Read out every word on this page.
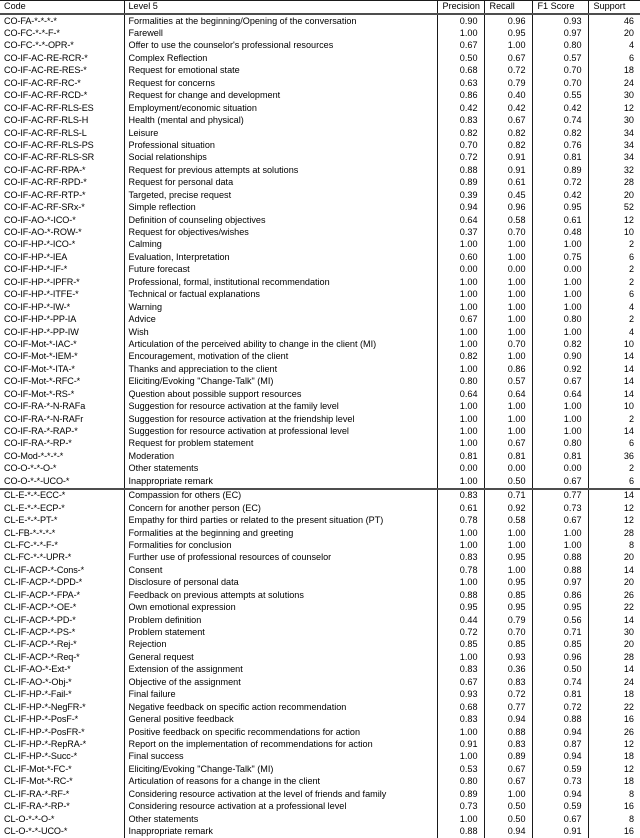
Code	Level 5	Precision	Recall	F1 Score	Support
CO-FA-*-*-*-*	Formalities at the beginning/Opening of the conversation	0.90	0.96	0.93	46
CO-FC-*-*-F-*	Farewell	1.00	0.95	0.97	20
CO-FC-*-*-OPR-*	Offer to use the counselor's professional resources	0.67	1.00	0.80	4
CO-IF-AC-RE-RCR-*	Complex Reflection	0.50	0.67	0.57	6
CO-IF-AC-RE-RES-*	Request for emotional state	0.68	0.72	0.70	18
CO-IF-AC-RF-RC-*	Request for concerns	0.63	0.79	0.70	24
CO-IF-AC-RF-RCD-*	Request for change and development	0.86	0.40	0.55	30
CO-IF-AC-RF-RLS-ES	Employment/economic situation	0.42	0.42	0.42	12
CO-IF-AC-RF-RLS-H	Health (mental and physical)	0.83	0.67	0.74	30
CO-IF-AC-RF-RLS-L	Leisure	0.82	0.82	0.82	34
CO-IF-AC-RF-RLS-PS	Professional situation	0.70	0.82	0.76	34
CO-IF-AC-RF-RLS-SR	Social relationships	0.72	0.91	0.81	34
CO-IF-AC-RF-RPA-*	Request for previous attempts at solutions	0.88	0.91	0.89	32
CO-IF-AC-RF-RPD-*	Request for personal data	0.89	0.61	0.72	28
CO-IF-AC-RF-RTP-*	Targeted, precise request	0.39	0.45	0.42	20
CO-IF-AC-RF-SRx-*	Simple reflection	0.94	0.96	0.95	52
CO-IF-AO-*-ICO-*	Definition of counseling objectives	0.64	0.58	0.61	12
CO-IF-AO-*-ROW-*	Request for objectives/wishes	0.37	0.70	0.48	10
CO-IF-HP-*-ICO-*	Calming	1.00	1.00	1.00	2
CO-IF-HP-*-IEA	Evaluation, Interpretation	0.60	1.00	0.75	6
CO-IF-HP-*-IF-*	Future forecast	0.00	0.00	0.00	2
CO-IF-HP-*-IPFR-*	Professional, formal, institutional recommendation	1.00	1.00	1.00	2
CO-IF-HP-*-ITFE-*	Technical or factual explanations	1.00	1.00	1.00	6
CO-IF-HP-*-IW-*	Warning	1.00	1.00	1.00	4
CO-IF-HP-*-PP-IA	Advice	0.67	1.00	0.80	2
CO-IF-HP-*-PP-IW	Wish	1.00	1.00	1.00	4
CO-IF-Mot-*-IAC-*	Articulation of the perceived ability to change in the client (MI)	1.00	0.70	0.82	10
CO-IF-Mot-*-IEM-*	Encouragement, motivation of the client	0.82	1.00	0.90	14
CO-IF-Mot-*-ITA-*	Thanks and appreciation to the client	1.00	0.86	0.92	14
CO-IF-Mot-*-RFC-*	Eliciting/Evoking "Change-Talk" (MI)	0.80	0.57	0.67	14
CO-IF-Mot-*-RS-*	Question about possible support resources	0.64	0.64	0.64	14
CO-IF-RA-*-N-RAFa	Suggestion for resource activation at the family level	1.00	1.00	1.00	10
CO-IF-RA-*-N-RAFr	Suggestion for resource activation at the friendship level	1.00	1.00	1.00	2
CO-IF-RA-*-RAP-*	Suggestion for resource activation at professional level	1.00	1.00	1.00	14
CO-IF-RA-*-RP-*	Request for problem statement	1.00	0.67	0.80	6
CO-Mod-*-*-*-*	Moderation	0.81	0.81	0.81	36
CO-O-*-*-O-*	Other statements	0.00	0.00	0.00	2
CO-O-*-*-UCO-*	Inappropriate remark	1.00	0.50	0.67	6
CL-E-*-*-ECC-*	Compassion for others (EC)	0.83	0.71	0.77	14
CL-E-*-*-ECP-*	Concern for another person (EC)	0.61	0.92	0.73	12
CL-E-*-*-PT-*	Empathy for third parties or related to the present situation (PT)	0.78	0.58	0.67	12
CL-FB-*-*-*-*	Formalities at the beginning and greeting	1.00	1.00	1.00	28
CL-FC-*-*-F-*	Formalities for conclusion	1.00	1.00	1.00	8
CL-FC-*-*-UPR-*	Further use of professional resources of counselor	0.83	0.95	0.88	20
CL-IF-ACP-*-Cons-*	Consent	0.78	1.00	0.88	14
CL-IF-ACP-*-DPD-*	Disclosure of personal data	1.00	0.95	0.97	20
CL-IF-ACP-*-FPA-*	Feedback on previous attempts at solutions	0.88	0.85	0.86	26
CL-IF-ACP-*-OE-*	Own emotional expression	0.95	0.95	0.95	22
CL-IF-ACP-*-PD-*	Problem definition	0.44	0.79	0.56	14
CL-IF-ACP-*-PS-*	Problem statement	0.72	0.70	0.71	30
CL-IF-ACP-*-Rej-*	Rejection	0.85	0.85	0.85	20
CL-IF-ACP-*-Req-*	General request	1.00	0.93	0.96	28
CL-IF-AO-*-Ext-*	Extension of the assignment	0.83	0.36	0.50	14
CL-IF-AO-*-Obj-*	Objective of the assignment	0.67	0.83	0.74	24
CL-IF-HP-*-Fail-*	Final failure	0.93	0.72	0.81	18
CL-IF-HP-*-NegFR-*	Negative feedback on specific action recommendation	0.68	0.77	0.72	22
CL-IF-HP-*-PosF-*	General positive feedback	0.83	0.94	0.88	16
CL-IF-HP-*-PosFR-*	Positive feedback on specific recommendations for action	1.00	0.88	0.94	26
CL-IF-HP-*-RepRA-*	Report on the implementation of recommendations for action	0.91	0.83	0.87	12
CL-IF-HP-*-Succ-*	Final success	1.00	0.89	0.94	18
CL-IF-Mot-*-FC-*	Eliciting/Evoking "Change-Talk" (MI)	0.53	0.67	0.59	12
CL-IF-Mot-*-RC-*	Articulation of reasons for a change in the client	0.80	0.67	0.73	18
CL-IF-RA-*-RF-*	Considering resource activation at the level of friends and family	0.89	1.00	0.94	8
CL-IF-RA-*-RP-*	Considering resource activation at a professional level	0.73	0.50	0.59	16
CL-O-*-*-O-*	Other statements	1.00	0.50	0.67	8
CL-O-*-*-UCO-*	Inappropriate remark	0.88	0.94	0.91	16
